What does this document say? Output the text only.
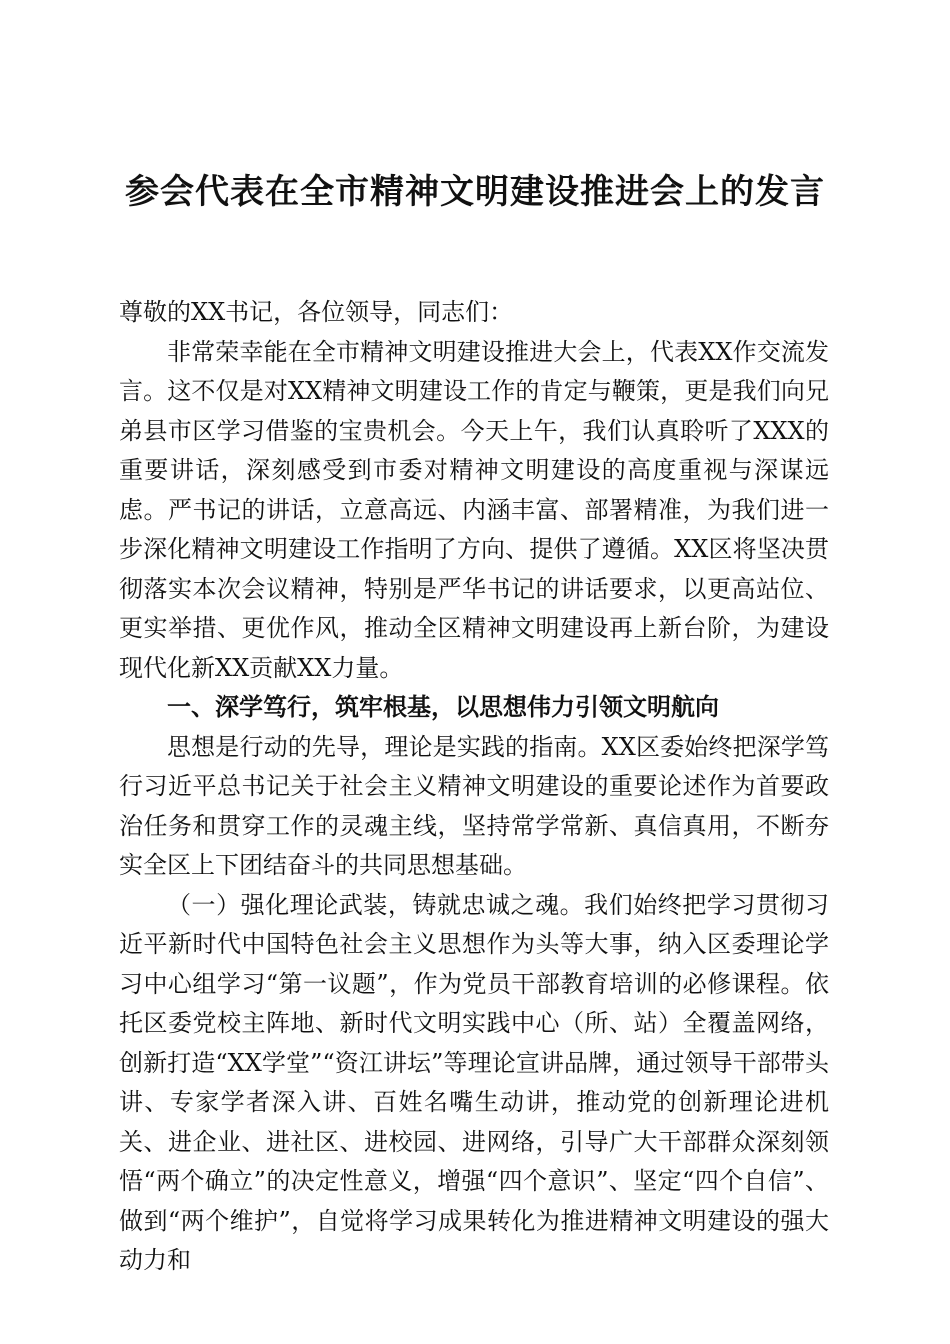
参会代表在全市精神文明建设推进会上的发言

尊敬的XX书记，各位领导，同志们：

非常荣幸能在全市精神文明建设推进大会上，代表XX作交流发言。这不仅是对XX精神文明建设工作的肯定与鞭策，更是我们向兄弟县市区学习借鉴的宝贵机会。今天上午，我们认真聆听了XXX的重要讲话，深刻感受到市委对精神文明建设的高度重视与深谋远虑。严书记的讲话，立意高远、内涵丰富、部署精准，为我们进一步深化精神文明建设工作指明了方向、提供了遵循。XX区将坚决贯彻落实本次会议精神，特别是严华书记的讲话要求，以更高站位、更实举措、更优作风，推动全区精神文明建设再上新台阶，为建设现代化新XX贡献XX力量。

一、深学笃行，筑牢根基，以思想伟力引领文明航向

思想是行动的先导，理论是实践的指南。XX区委始终把深学笃行习近平总书记关于社会主义精神文明建设的重要论述作为首要政治任务和贯穿工作的灵魂主线，坚持常学常新、真信真用，不断夯实全区上下团结奋斗的共同思想基础。

（一）强化理论武装，铸就忠诚之魂。我们始终把学习贯彻习近平新时代中国特色社会主义思想作为头等大事，纳入区委理论学习中心组学习“第一议题”，作为党员干部教育培训的必修课程。依托区委党校主阵地、新时代文明实践中心（所、站）全覆盖网络，创新打造“XX学堂”“资江讲坛”等理论宣讲品牌，通过领导干部带头讲、专家学者深入讲、百姓名嘴生动讲，推动党的创新理论进机关、进企业、进社区、进校园、进网络，引导广大干部群众深刻领悟“两个确立”的决定性意义，增强“四个意识”、坚定“四个自信”、做到“两个维护”，自觉将学习成果转化为推进精神文明建设的强大动力和
